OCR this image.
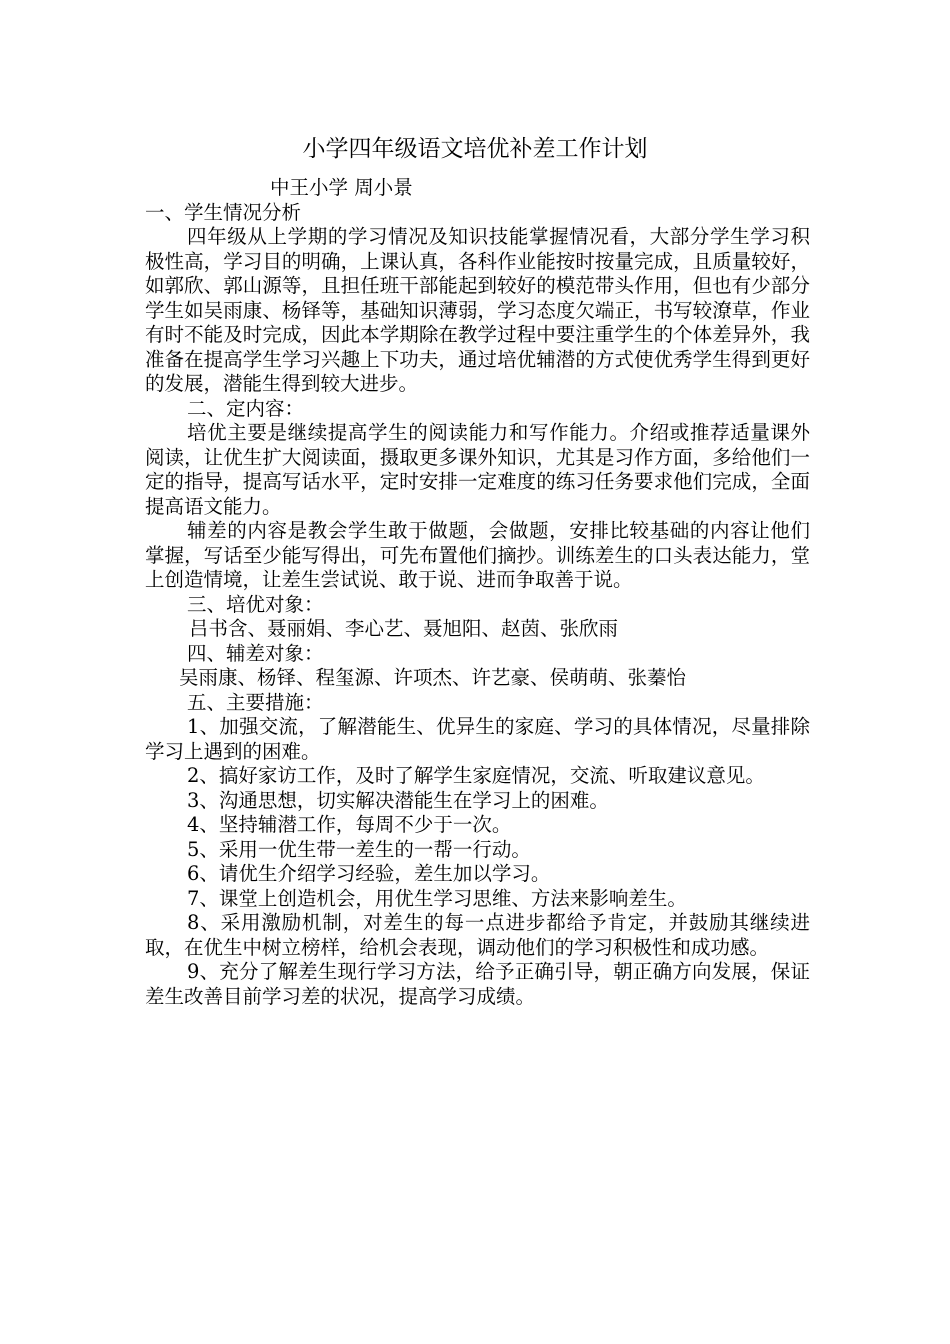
小学四年级语文培优补差工作计划
中王小学 周小景
一、学生情况分析

四年级从上学期的学习情况及知识技能掌握情况看，大部分学生学习积极性高，学习目的明确，上课认真，各科作业能按时按量完成，且质量较好，如郭欣、郭山源等，且担任班干部能起到较好的模范带头作用，但也有少部分学生如吴雨康、杨铎等，基础知识薄弱，学习态度欠端正，书写较潦草，作业有时不能及时完成，因此本学期除在教学过程中要注重学生的个体差异外，我准备在提高学生学习兴趣上下功夫，通过培优辅潜的方式使优秀学生得到更好的发展，潜能生得到较大进步。

二、定内容：

培优主要是继续提高学生的阅读能力和写作能力。介绍或推荐适量课外阅读，让优生扩大阅读面，摄取更多课外知识，尤其是习作方面，多给他们一定的指导，提高写话水平，定时安排一定难度的练习任务要求他们完成，全面提高语文能力。

辅差的内容是教会学生敢于做题，会做题，安排比较基础的内容让他们掌握，写话至少能写得出，可先布置他们摘抄。训练差生的口头表达能力，堂上创造情境，让差生尝试说、敢于说、进而争取善于说。

三、培优对象：
吕书含、聂丽娟、李心艺、聂旭阳、赵茵、张欣雨
四、辅差对象：
吴雨康、杨铎、程玺源、许项杰、许艺豪、侯萌萌、张蓁怡
五、主要措施：

1、加强交流，了解潜能生、优异生的家庭、学习的具体情况，尽量排除学习上遇到的困难。

2、搞好家访工作，及时了解学生家庭情况，交流、听取建议意见。

3、沟通思想，切实解决潜能生在学习上的困难。

4、坚持辅潜工作，每周不少于一次。

5、采用一优生带一差生的一帮一行动。

6、请优生介绍学习经验，差生加以学习。

7、课堂上创造机会，用优生学习思维、方法来影响差生。

8、采用激励机制，对差生的每一点进步都给予肯定，并鼓励其继续进取，在优生中树立榜样，给机会表现，调动他们的学习积极性和成功感。

9、充分了解差生现行学习方法，给予正确引导，朝正确方向发展，保证差生改善目前学习差的状况，提高学习成绩。
